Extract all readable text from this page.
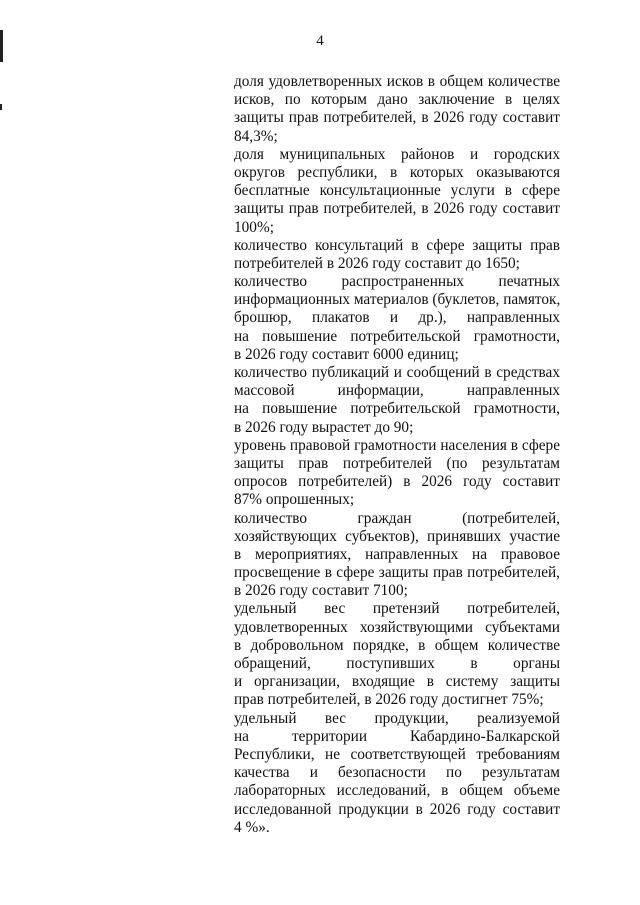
4
доля удовлетворенных исков в общем количестве
исков, по которым дано заключение в целях
защиты прав потребителей, в 2026 году составит
84,3%;
доля муниципальных районов и городских
округов республики, в которых оказываются
бесплатные консультационные услуги в сфере
защиты прав потребителей, в 2026 году составит
100%;
количество консультаций в сфере защиты прав
потребителей в 2026 году составит до 1650;
количество распространенных печатных
информационных материалов (буклетов, памяток,
брошюр, плакатов и др.), направленных
на повышение потребительской грамотности,
в 2026 году составит 6000 единиц;
количество публикаций и сообщений в средствах
массовой информации, направленных
на повышение потребительской грамотности,
в 2026 году вырастет до 90;
уровень правовой грамотности населения в сфере
защиты прав потребителей (по результатам
опросов потребителей) в 2026 году составит
87% опрошенных;
количество граждан (потребителей,
хозяйствующих субъектов), принявших участие
в мероприятиях, направленных на правовое
просвещение в сфере защиты прав потребителей,
в 2026 году составит 7100;
удельный вес претензий потребителей,
удовлетворенных хозяйствующими субъектами
в добровольном порядке, в общем количестве
обращений, поступивших в органы
и организации, входящие в систему защиты
прав потребителей, в 2026 году достигнет 75%;
удельный вес продукции, реализуемой
на территории Кабардино-Балкарской
Республики, не соответствующей требованиям
качества и безопасности по результатам
лабораторных исследований, в общем объеме
исследованной продукции в 2026 году составит
4 %».
